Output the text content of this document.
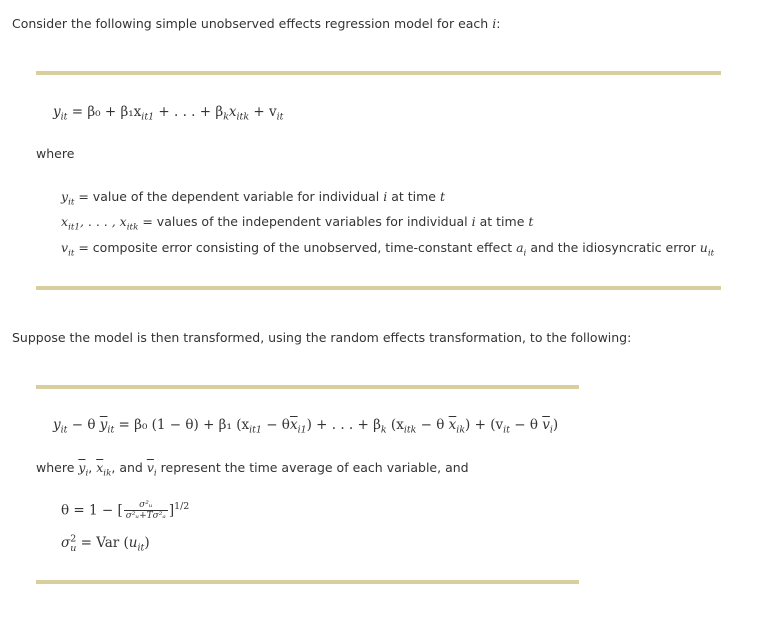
Consider the following simple unobserved effects regression model for each i:
$y_{it} = \beta_0 + \beta_1x_{it1}$ + . . . + $\beta_kx_{itk} + v_{it}$
where
$y_{it}$ = value of the dependent variable for individual i at time t
$x_{it1}$, . . . , $x_{itk}$ = values of the independent variables for individual i at time t
$v_{it}$ = composite error consisting of the unobserved, time-constant effect $a_i$ and the idiosyncratic error $u_{it}$
Suppose the model is then transformed, using the random effects transformation, to the following:
$y_{it} - \theta$ $\overline{y}_{it} = \beta_0$ (1 − θ) + β₁ $(x_{it1} - \theta\overline{x}_{i1})$ + . . . + $\beta_k$ ($x_{itk} - \theta$ $\overline{x}_{ik}) + (v_{it} - \theta$ $\overline{v}_i$)
where $\overline{y}_i$, $\overline{x}_{ik}$, and $\overline{v}_i$ represent the time average of each variable, and
θ = 1 − [ $\frac{\text{σ²ᵤ}}{\text{σ²ᵤ+Tσ²ₐ}} ]^{1/2}$
$\sigma^2_u$ = Var $(u_{it})$
